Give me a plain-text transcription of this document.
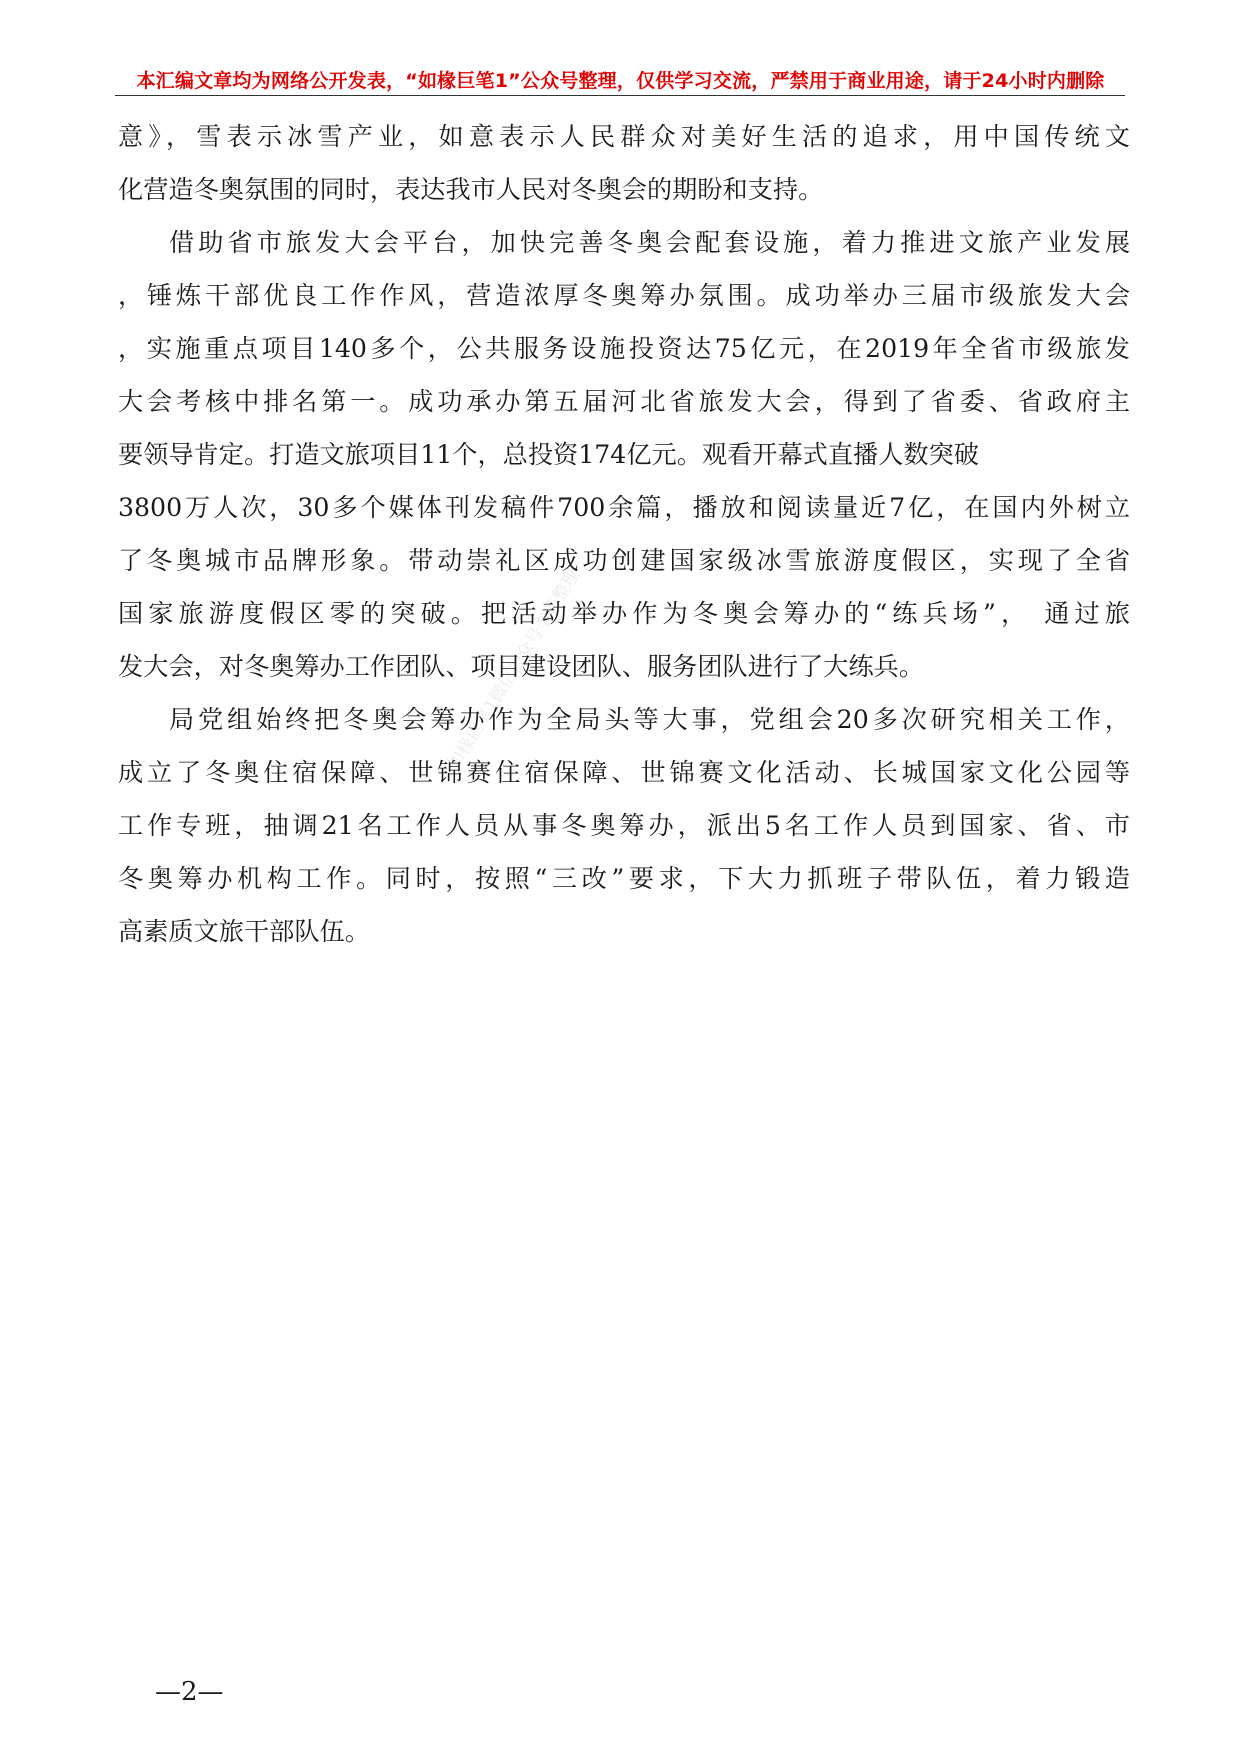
本汇编文章均为网络公开发表，“如椽巨笔1”公众号整理，仅供学习交流，严禁用于商业用途，请于24小时内删除
意》，雪表示冰雪产业，如意表示人民群众对美好生活的追求，用中国传统文
化营造冬奥氛围的同时，表达我市人民对冬奥会的期盼和支持。
借助省市旅发大会平台，加快完善冬奥会配套设施，着力推进文旅产业发展
，锤炼干部优良工作作风，营造浓厚冬奥筹办氛围。成功举办三届市级旅发大会
，实施重点项目140多个，公共服务设施投资达75亿元，在2019年全省市级旅发
大会考核中排名第一。成功承办第五届河北省旅发大会，得到了省委、省政府主
要领导肯定。打造文旅项目11个，总投资174亿元。观看开幕式直播人数突破
3800万人次，30多个媒体刊发稿件700余篇，播放和阅读量近7亿，在国内外树立
了冬奥城市品牌形象。带动崇礼区成功创建国家级冰雪旅游度假区，实现了全省
国家旅游度假区零的突破。把活动举办作为冬奥会筹办的“练兵场”， 通过旅
发大会，对冬奥筹办工作团队、项目建设团队、服务团队进行了大练兵。
局党组始终把冬奥会筹办作为全局头等大事，党组会20多次研究相关工作，
成立了冬奥住宿保障、世锦赛住宿保障、世锦赛文化活动、长城国家文化公园等
工作专班，抽调21名工作人员从事冬奥筹办，派出5名工作人员到国家、省、市
冬奥筹办机构工作。同时，按照“三改”要求，下大力抓班子带队伍，着力锻造
高素质文旅干部队伍。
如椽巨笔1微信公众号李若整理
—2—
